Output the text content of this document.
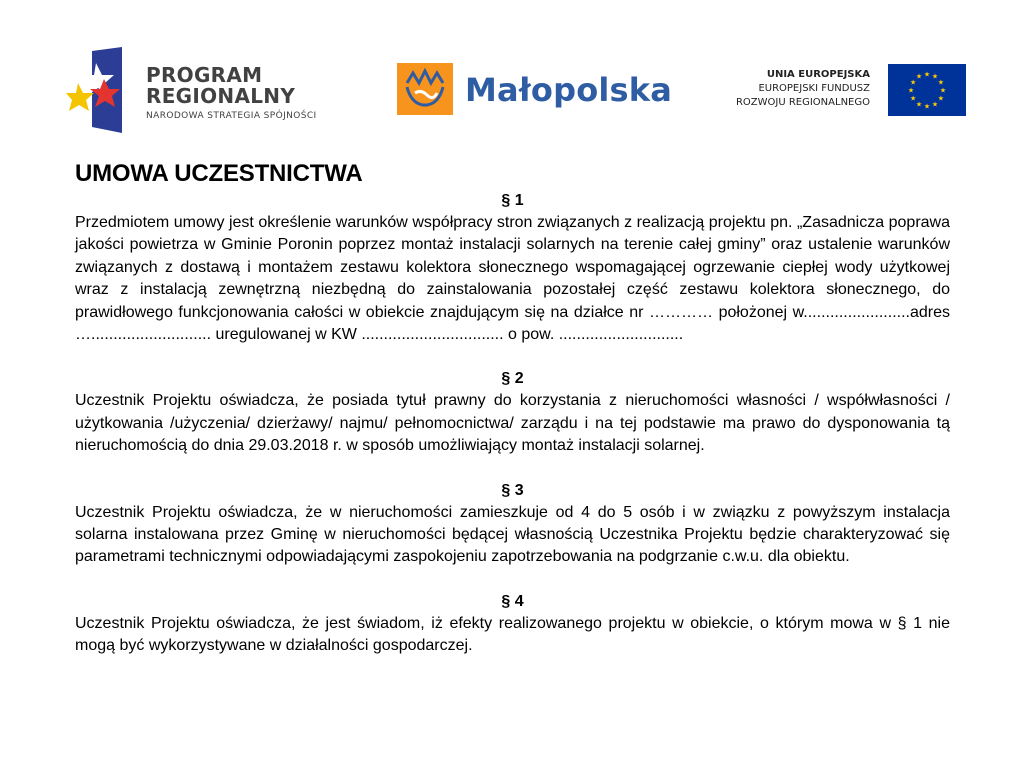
PROGRAM
REGIONALNY
NARODOWA STRATEGIA SPÓJNOŚCI
Małopolska	UNIA EUROPEJSKA
EUROPEJSKI FUNDUSZ
ROZWOJU REGIONALNEGO
★ ★
★
★
★
★
★
★
★
★
★
★
UMOWA UCZESTNICTWA

§ 1

Przedmiotem umowy jest określenie warunków współpracy stron związanych z realizacją projektu pn. „Zasadnicza poprawa jakości powietrza w Gminie Poronin poprzez montaż instalacji solarnych na terenie całej gminy” oraz ustalenie warunków związanych z dostawą i montażem zestawu kolektora słonecznego wspomagającej ogrzewanie ciepłej wody użytkowej wraz z instalacją zewnętrzną niezbędną do zainstalowania pozostałej część zestawu kolektora słonecznego, do prawidłowego funkcjonowania całości w obiekcie znajdującym się na działce nr ………… położonej w........................adres …........................... uregulowanej w KW ................................ o pow. ............................

§ 2

Uczestnik Projektu oświadcza, że posiada tytuł prawny do korzystania z nieruchomości własności / współwłasności / użytkowania /użyczenia/ dzierżawy/ najmu/ pełnomocnictwa/ zarządu i na tej podstawie ma prawo do dysponowania tą nieruchomością do dnia 29.03.2018 r. w sposób umożliwiający montaż instalacji solarnej.

§ 3

Uczestnik Projektu oświadcza, że w nieruchomości zamieszkuje od 4 do 5 osób i w związku z powyższym instalacja solarna instalowana przez Gminę w nieruchomości będącej własnością Uczestnika Projektu będzie charakteryzować się parametrami technicznymi odpowiadającymi zaspokojeniu zapotrzebowania na podgrzanie c.w.u. dla obiektu.

§ 4

Uczestnik Projektu oświadcza, że jest świadom, iż efekty realizowanego projektu w obiekcie, o którym mowa w § 1 nie mogą być wykorzystywane w działalności gospodarczej.
